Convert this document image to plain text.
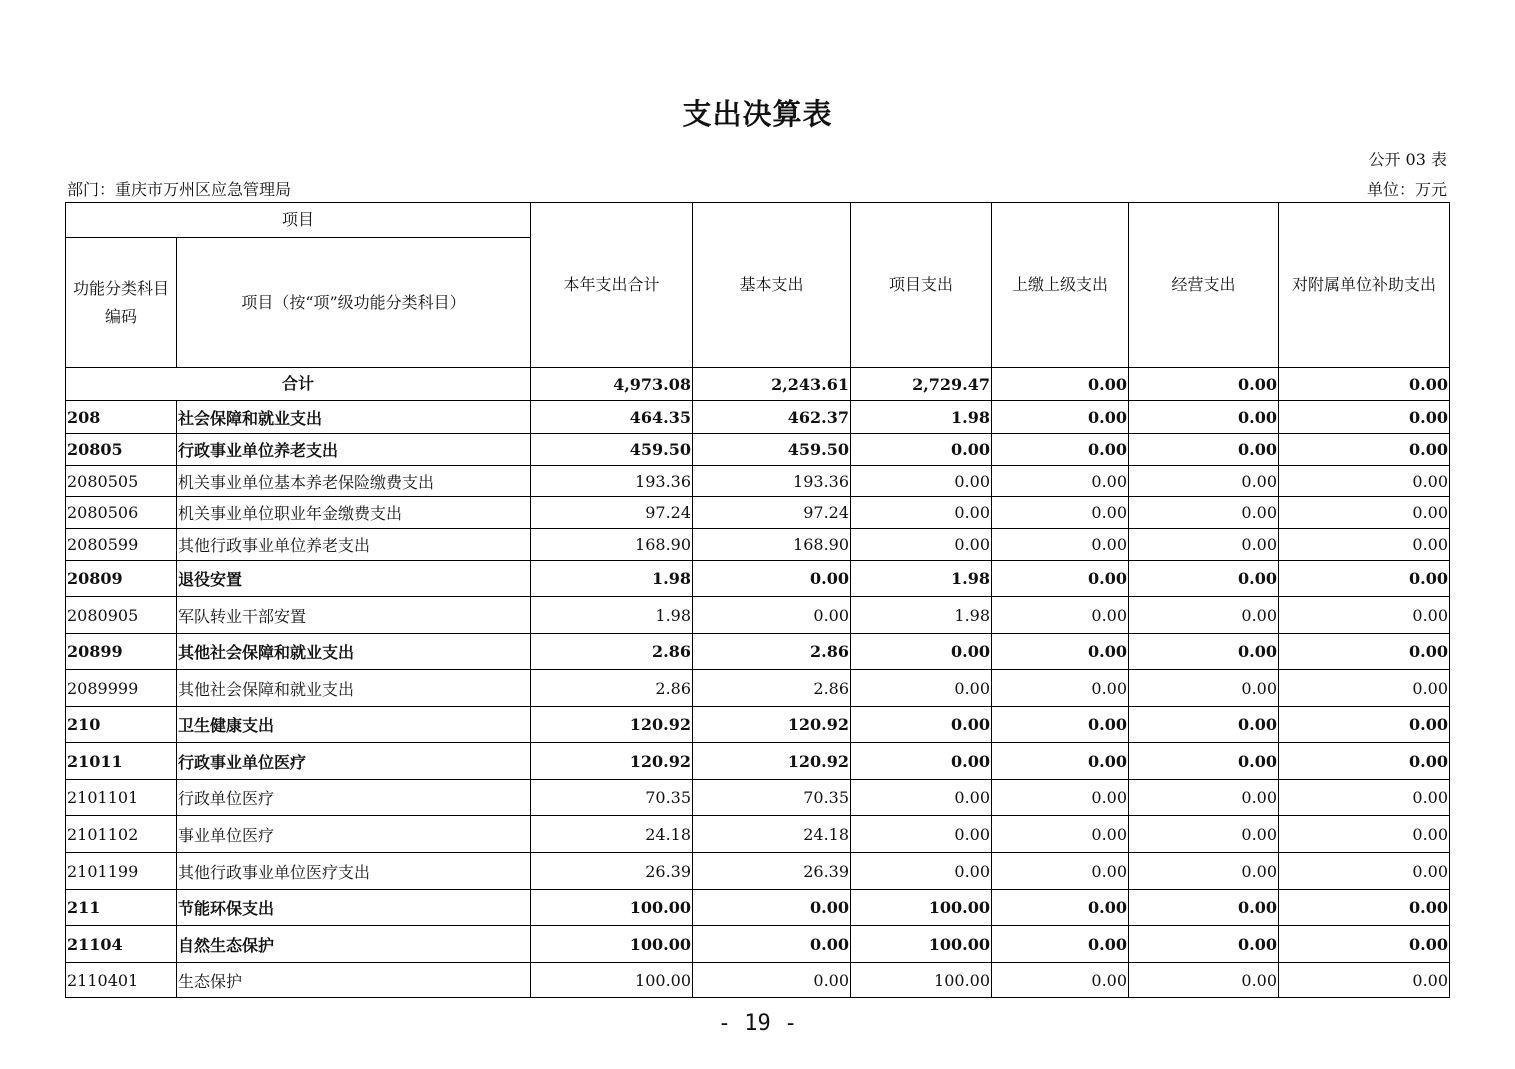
支出决算表
公开 03 表
部门：重庆市万州区应急管理局	单位：万元
项目		本年支出合计	基本支出	项目支出	上缴上级支出	经营支出	对附属单位补助支出
功能分类科目编码	项目（按“项”级功能分类科目）						
合计		4,973.08	2,243.61	2,729.47	0.00	0.00	0.00
208	社会保障和就业支出	464.35	462.37	1.98	0.00	0.00	0.00
20805	行政事业单位养老支出	459.50	459.50	0.00	0.00	0.00	0.00
2080505	机关事业单位基本养老保险缴费支出	193.36	193.36	0.00	0.00	0.00	0.00
2080506	机关事业单位职业年金缴费支出	97.24	97.24	0.00	0.00	0.00	0.00
2080599	其他行政事业单位养老支出	168.90	168.90	0.00	0.00	0.00	0.00
20809	退役安置	1.98	0.00	1.98	0.00	0.00	0.00
2080905	军队转业干部安置	1.98	0.00	1.98	0.00	0.00	0.00
20899	其他社会保障和就业支出	2.86	2.86	0.00	0.00	0.00	0.00
2089999	其他社会保障和就业支出	2.86	2.86	0.00	0.00	0.00	0.00
210	卫生健康支出	120.92	120.92	0.00	0.00	0.00	0.00
21011	行政事业单位医疗	120.92	120.92	0.00	0.00	0.00	0.00
2101101	行政单位医疗	70.35	70.35	0.00	0.00	0.00	0.00
2101102	事业单位医疗	24.18	24.18	0.00	0.00	0.00	0.00
2101199	其他行政事业单位医疗支出	26.39	26.39	0.00	0.00	0.00	0.00
211	节能环保支出	100.00	0.00	100.00	0.00	0.00	0.00
21104	自然生态保护	100.00	0.00	100.00	0.00	0.00	0.00
2110401	生态保护	100.00	0.00	100.00	0.00	0.00	0.00
- 19 -
